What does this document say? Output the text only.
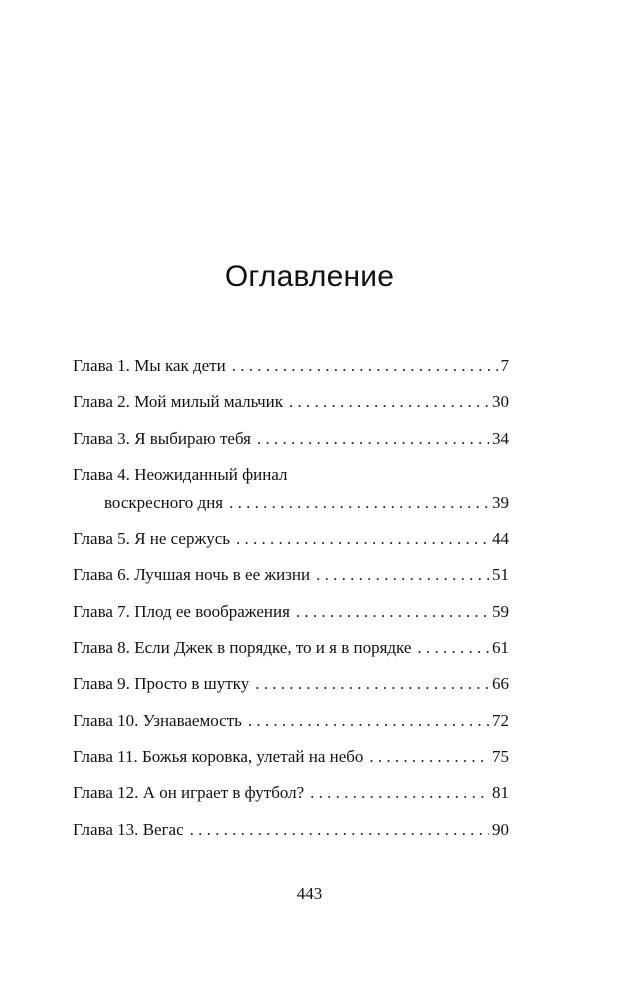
Оглавление
Глава 1. Мы как дети . . .	7
Глава 2. Мой милый мальчик . . .	30
Глава 3. Я выбираю тебя . . .	34
Глава 4. Неожиданный финал
воскресного дня . . .	39
Глава 5. Я не сержусь . . .	44
Глава 6. Лучшая ночь в ее жизни . . .	51
Глава 7. Плод ее воображения . . .	59
Глава 8. Если Джек в порядке, то и я в порядке . . .	61
Глава 9. Просто в шутку . . .	66
Глава 10. Узнаваемость . . .	72
Глава 11. Божья коровка, улетай на небо . . .	75
Глава 12. А он играет в футбол? . . .	81
Глава 13. Вегас . . .	90
443
